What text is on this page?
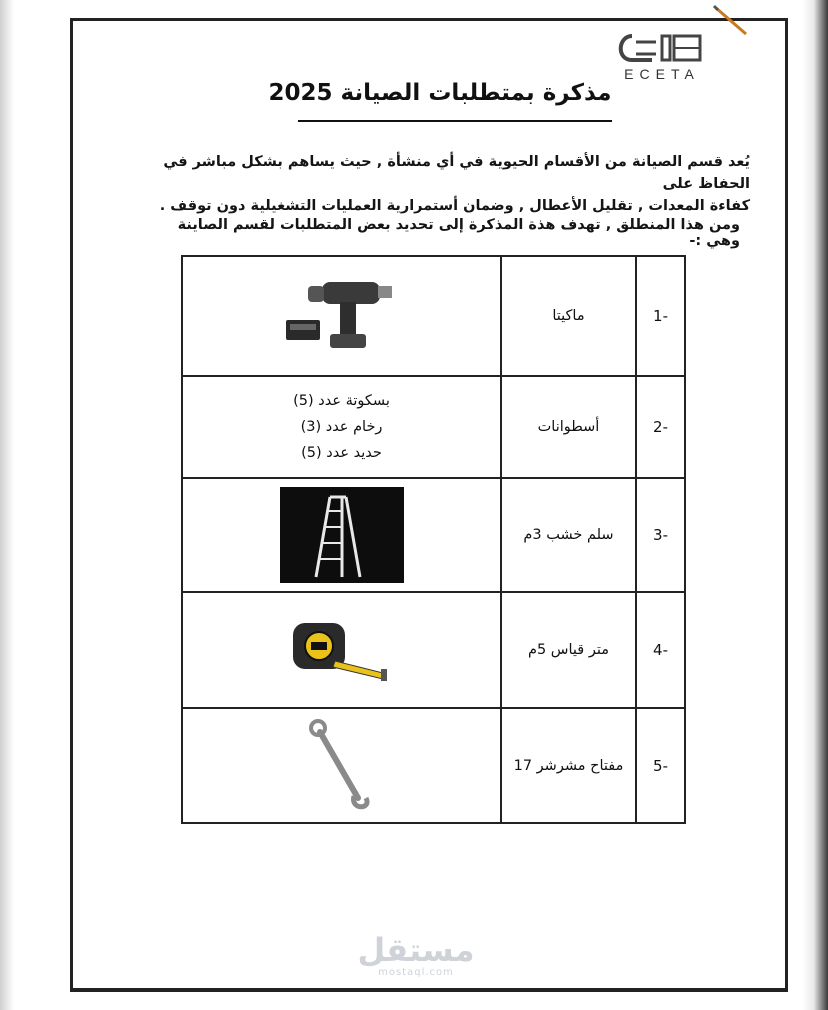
ECETA
مذكرة بمتطلبات الصيانة 2025
يُعد قسم الصيانة من الأقسام الحيوية في أي منشأة , حيث يساهم بشكل مباشر في الحفاظ على
كفاءة المعدات , تقليل الأعطال , وضمان أستمرارية العمليات التشغيلية دون توقف .
ومن هذا المنطلق , تهدف هذة المذكرة إلى تحديد بعض المتطلبات لقسم الصاينة وهي :-
-1	ماكيتا	

-2	أسطوانات	بسكوتة عدد (5)
رخام عدد (3)
حديد عدد (5)

-3	سلم خشب 3م	

-4	متر قياس 5م	

-5	مفتاح مشرشر 17	
مستقل
mostaql.com
